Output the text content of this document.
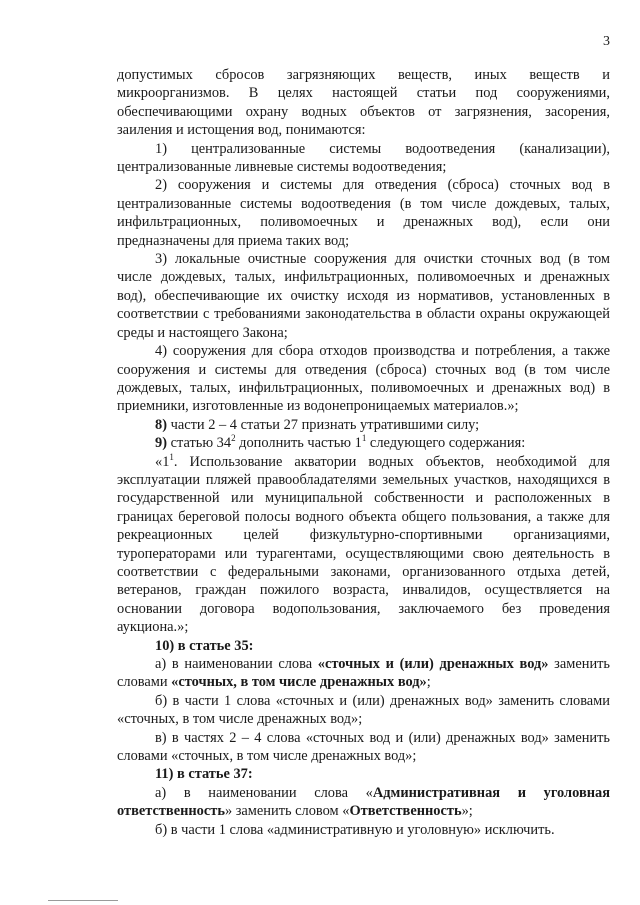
3

допустимых сбросов загрязняющих веществ, иных веществ и микроорганизмов. В целях настоящей статьи под сооружениями, обеспечивающими охрану водных объектов от загрязнения, засорения, заиления и истощения вод, понимаются:

1) централизованные системы водоотведения (канализации), централизованные ливневые системы водоотведения;

2) сооружения и системы для отведения (сброса) сточных вод в централизованные системы водоотведения (в том числе дождевых, талых, инфильтрационных, поливомоечных и дренажных вод), если они предназначены для приема таких вод;

3) локальные очистные сооружения для очистки сточных вод (в том числе дождевых, талых, инфильтрационных, поливомоечных и дренажных вод), обеспечивающие их очистку исходя из нормативов, установленных в соответствии с требованиями законодательства в области охраны окружающей среды и настоящего Закона;

4) сооружения для сбора отходов производства и потребления, а также сооружения и системы для отведения (сброса) сточных вод (в том числе дождевых, талых, инфильтрационных, поливомоечных и дренажных вод) в приемники, изготовленные из водонепроницаемых материалов.»;

8) части 2 – 4 статьи 27 признать утратившими силу;

9) статью $34^2$ дополнить частью $1^1$ следующего содержания:

«$1^1$. Использование акватории водных объектов, необходимой для эксплуатации пляжей правообладателями земельных участков, находящихся в государственной или муниципальной собственности и расположенных в границах береговой полосы водного объекта общего пользования, а также для рекреационных целей физкультурно-спортивными организациями, туроператорами или турагентами, осуществляющими свою деятельность в соответствии с федеральными законами, организованного отдыха детей, ветеранов, граждан пожилого возраста, инвалидов, осуществляется на основании договора водопользования, заключаемого без проведения аукциона.»;

10) в статье 35:

а) в наименовании слова «сточных и (или) дренажных вод» заменить словами «сточных, в том числе дренажных вод»;

б) в части 1 слова «сточных и (или) дренажных вод» заменить словами «сточных, в том числе дренажных вод»;

в) в частях 2 – 4 слова «сточных вод и (или) дренажных вод» заменить словами «сточных, в том числе дренажных вод»;

11) в статье 37:

а) в наименовании слова «Административная и уголовная ответственность» заменить словом «Ответственность»;

б) в части 1 слова «административную и уголовную» исключить.
